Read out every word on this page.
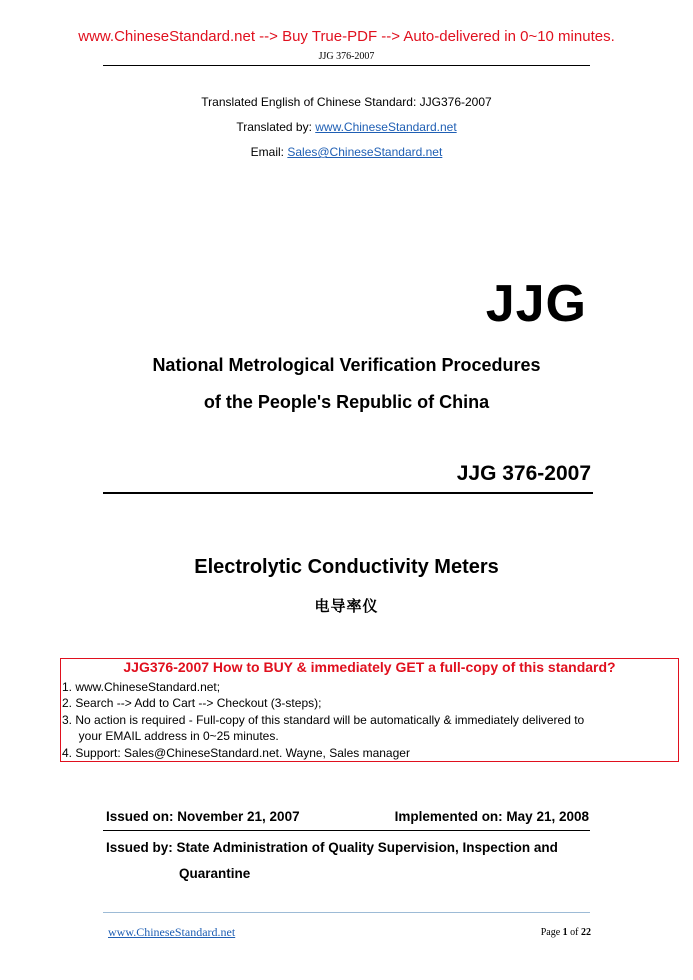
www.ChineseStandard.net --> Buy True-PDF --> Auto-delivered in 0~10 minutes.
JJG 376-2007
Translated English of Chinese Standard: JJG376-2007
Translated by: www.ChineseStandard.net
Email: Sales@ChineseStandard.net
JJG
National Metrological Verification Procedures
of the People's Republic of China
JJG 376-2007
Electrolytic Conductivity Meters
电导率仪
JJG376-2007 How to BUY & immediately GET a full-copy of this standard?
1. www.ChineseStandard.net;
2. Search --> Add to Cart --> Checkout (3-steps);
3. No action is required - Full-copy of this standard will be automatically & immediately delivered to
your EMAIL address in 0~25 minutes.
4. Support: Sales@ChineseStandard.net. Wayne, Sales manager
Issued on: November 21, 2007	Implemented on: May 21, 2008
Issued by: State Administration of Quality Supervision, Inspection and
Quarantine
www.ChineseStandard.net	Page 1 of 22
